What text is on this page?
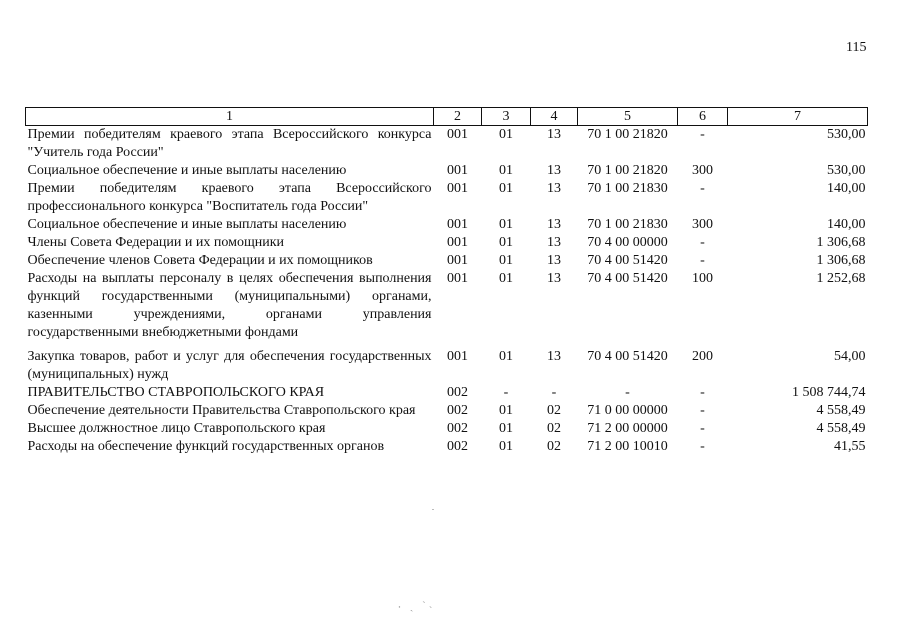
115
1	2	3	4	5	6	7
Премии победителям краевого этапа Всероссийского конкурса "Учитель года России"	001	01	13	70 1 00 21820	-	530,00
Социальное обеспечение и иные выплаты населению	001	01	13	70 1 00 21820	300	530,00
Премии победителям краевого этапа Всероссийского профессионального конкурса "Воспитатель года России"	001	01	13	70 1 00 21830	-	140,00
Социальное обеспечение и иные выплаты населению	001	01	13	70 1 00 21830	300	140,00
Члены Совета Федерации и их помощники	001	01	13	70 4 00 00000	-	1 306,68
Обеспечение членов Совета Федерации и их помощников	001	01	13	70 4 00 51420	-	1 306,68
Расходы на выплаты персоналу в целях обеспечения выполнения функций государственными (муниципальными) органами, казенными учреждениями, органами управления государственными внебюджетными фондами	001	01	13	70 4 00 51420	100	1 252,68
Закупка товаров, работ и услуг для обеспечения государственных (муниципальных) нужд	001	01	13	70 4 00 51420	200	54,00
ПРАВИТЕЛЬСТВО СТАВРОПОЛЬСКОГО КРАЯ	002	-	-	-	-	1 508 744,74
Обеспечение деятельности Правительства Ставропольского края	002	01	02	71 0 00 00000	-	4 558,49
Высшее должностное лицо Ставропольского края	002	01	02	71 2 00 00000	-	4 558,49
Расходы на обеспечение функций государственных органов	002	01	02	71 2 00 10010	-	41,55
⸳ ˎ ˋ˴
